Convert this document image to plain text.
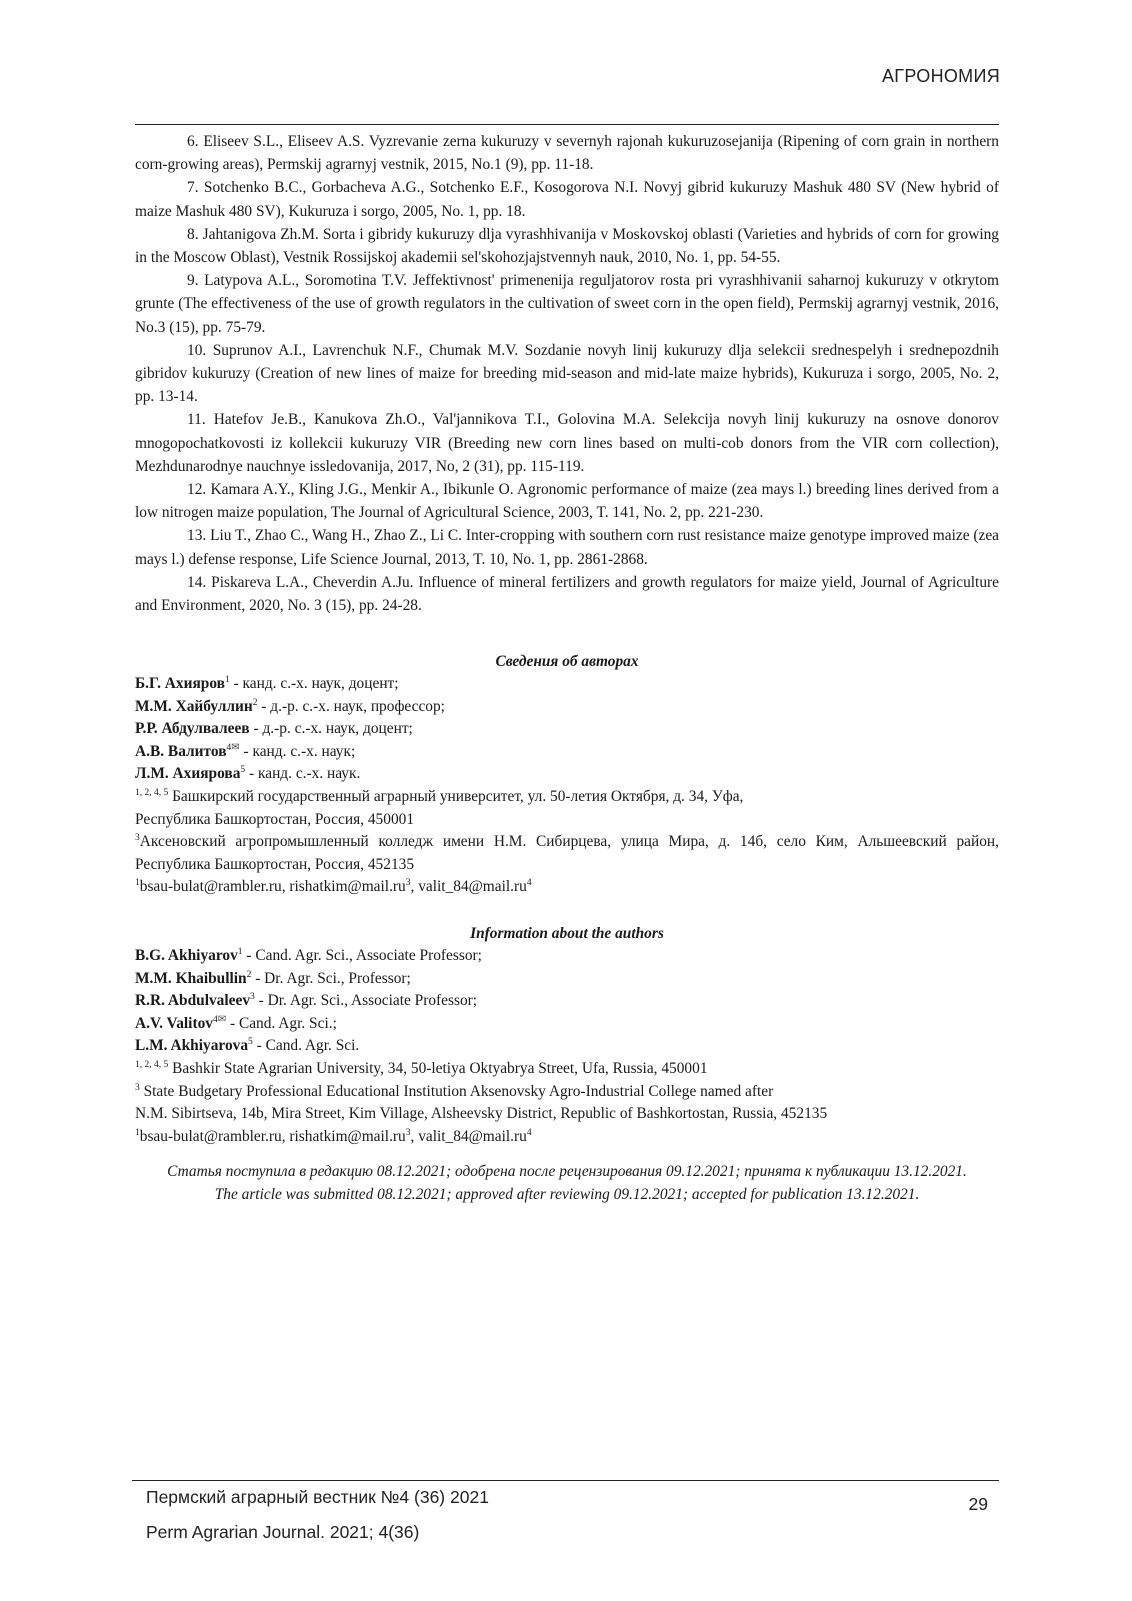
АГРОНОМИЯ

6. Eliseev S.L., Eliseev A.S. Vyzrevanie zerna kukuruzy v severnyh rajonah kukuruzosejanija (Ripening of corn grain in northern corn-growing areas), Permskij agrarnyj vestnik, 2015, No.1 (9), pp. 11-18.

7. Sotchenko B.C., Gorbacheva A.G., Sotchenko E.F., Kosogorova N.I. Novyj gibrid kukuruzy Mashuk 480 SV (New hybrid of maize Mashuk 480 SV), Kukuruza i sorgo, 2005, No. 1, pp. 18.

8. Jahtanigova Zh.M. Sorta i gibridy kukuruzy dlja vyrashhivanija v Moskovskoj oblasti (Varieties and hybrids of corn for growing in the Moscow Oblast), Vestnik Rossijskoj akademii sel'skohozjajstvennyh nauk, 2010, No. 1, pp. 54-55.

9. Latypova A.L., Soromotina T.V. Jeffektivnost' primenenija reguljatorov rosta pri vyrashhivanii saharnoj kukuruzy v otkrytom grunte (The effectiveness of the use of growth regulators in the cultivation of sweet corn in the open field), Permskij agrarnyj vestnik, 2016, No.3 (15), pp. 75-79.

10. Suprunov A.I., Lavrenchuk N.F., Chumak M.V. Sozdanie novyh linij kukuruzy dlja selekcii srednespelyh i srednepozdnih gibridov kukuruzy (Creation of new lines of maize for breeding mid-season and mid-late maize hybrids), Kukuruza i sorgo, 2005, No. 2, pp. 13-14.

11. Hatefov Je.B., Kanukova Zh.O., Val'jannikova T.I., Golovina M.A. Selekcija novyh linij kukuruzy na osnove donorov mnogopochatkovosti iz kollekcii kukuruzy VIR (Breeding new corn lines based on multi-cob donors from the VIR corn collection), Mezhdunarodnye nauchnye issledovanija, 2017, No, 2 (31), pp. 115-119.

12. Kamara A.Y., Kling J.G., Menkir A., Ibikunle O. Agronomic performance of maize (zea mays l.) breeding lines derived from a low nitrogen maize population, The Journal of Agricultural Science, 2003, T. 141, No. 2, pp. 221-230.

13. Liu T., Zhao C., Wang H., Zhao Z., Li C. Inter-cropping with southern corn rust resistance maize genotype improved maize (zea mays l.) defense response, Life Science Journal, 2013, T. 10, No. 1, pp. 2861-2868.

14. Piskareva L.A., Cheverdin A.Ju. Influence of mineral fertilizers and growth regulators for maize yield, Journal of Agriculture and Environment, 2020, No. 3 (15), pp. 24-28.

Сведения об авторах

Б.Г. Ахияров$^1$ - канд. с.-х. наук, доцент;

М.М. Хайбуллин$^2$ - д.-р. с.-х. наук, профессор;

Р.Р. Абдулвалеев - д.-р. с.-х. наук, доцент;

А.В. Валитов$^{4✉}$ - канд. с.-х. наук;

Л.М. Ахиярова$^5$ - канд. с.-х. наук.

$^{1, 2, 4, 5}$ Башкирский государственный аграрный университет, ул. 50-летия Октября, д. 34, Уфа,

Республика Башкортостан, Россия, 450001

$^3$Аксеновский агропромышленный колледж имени Н.М. Сибирцева, улица Мира, д. 14б, село Ким, Альшеевский район, Республика Башкортостан, Россия, 452135

$^1$bsau-bulat@rambler.ru, $rishatkim@mail.ru^3$, $valit\_84@mail.ru^4$

Information about the authors

B.G. Akhiyarov$^1$ - Cand. Agr. Sci., Associate Professor;

M.M. Khaibullin$^2$ - Dr. Agr. Sci., Professor;

R.R. Abdulvaleev$^3$ - Dr. Agr. Sci., Associate Professor;

A.V. Valitov$^{4✉}$ - Cand. Agr. Sci.;

L.M. Akhiyarova$^5$ - Cand. Agr. Sci.

$^{1, 2, 4, 5}$ Bashkir State Agrarian University, 34, 50-letiya Oktyabrya Street, Ufa, Russia, 450001

$^3$ State Budgetary Professional Educational Institution Aksenovsky Agro-Industrial College named after

N.M. Sibirtseva, 14b, Mira Street, Kim Village, Alsheevsky District, Republic of Bashkortostan, Russia, 452135

$^1$bsau-bulat@rambler.ru, $rishatkim@mail.ru^3$, $valit\_84@mail.ru^4$

Статья поступила в редакцию 08.12.2021; одобрена после рецензирования 09.12.2021; принята к публикации 13.12.2021. The article was submitted 08.12.2021; approved after reviewing 09.12.2021; accepted for publication 13.12.2021.

Пермский аграрный вестник №4 (36) 2021
Perm Agrarian Journal. 2021; 4(36)
29
